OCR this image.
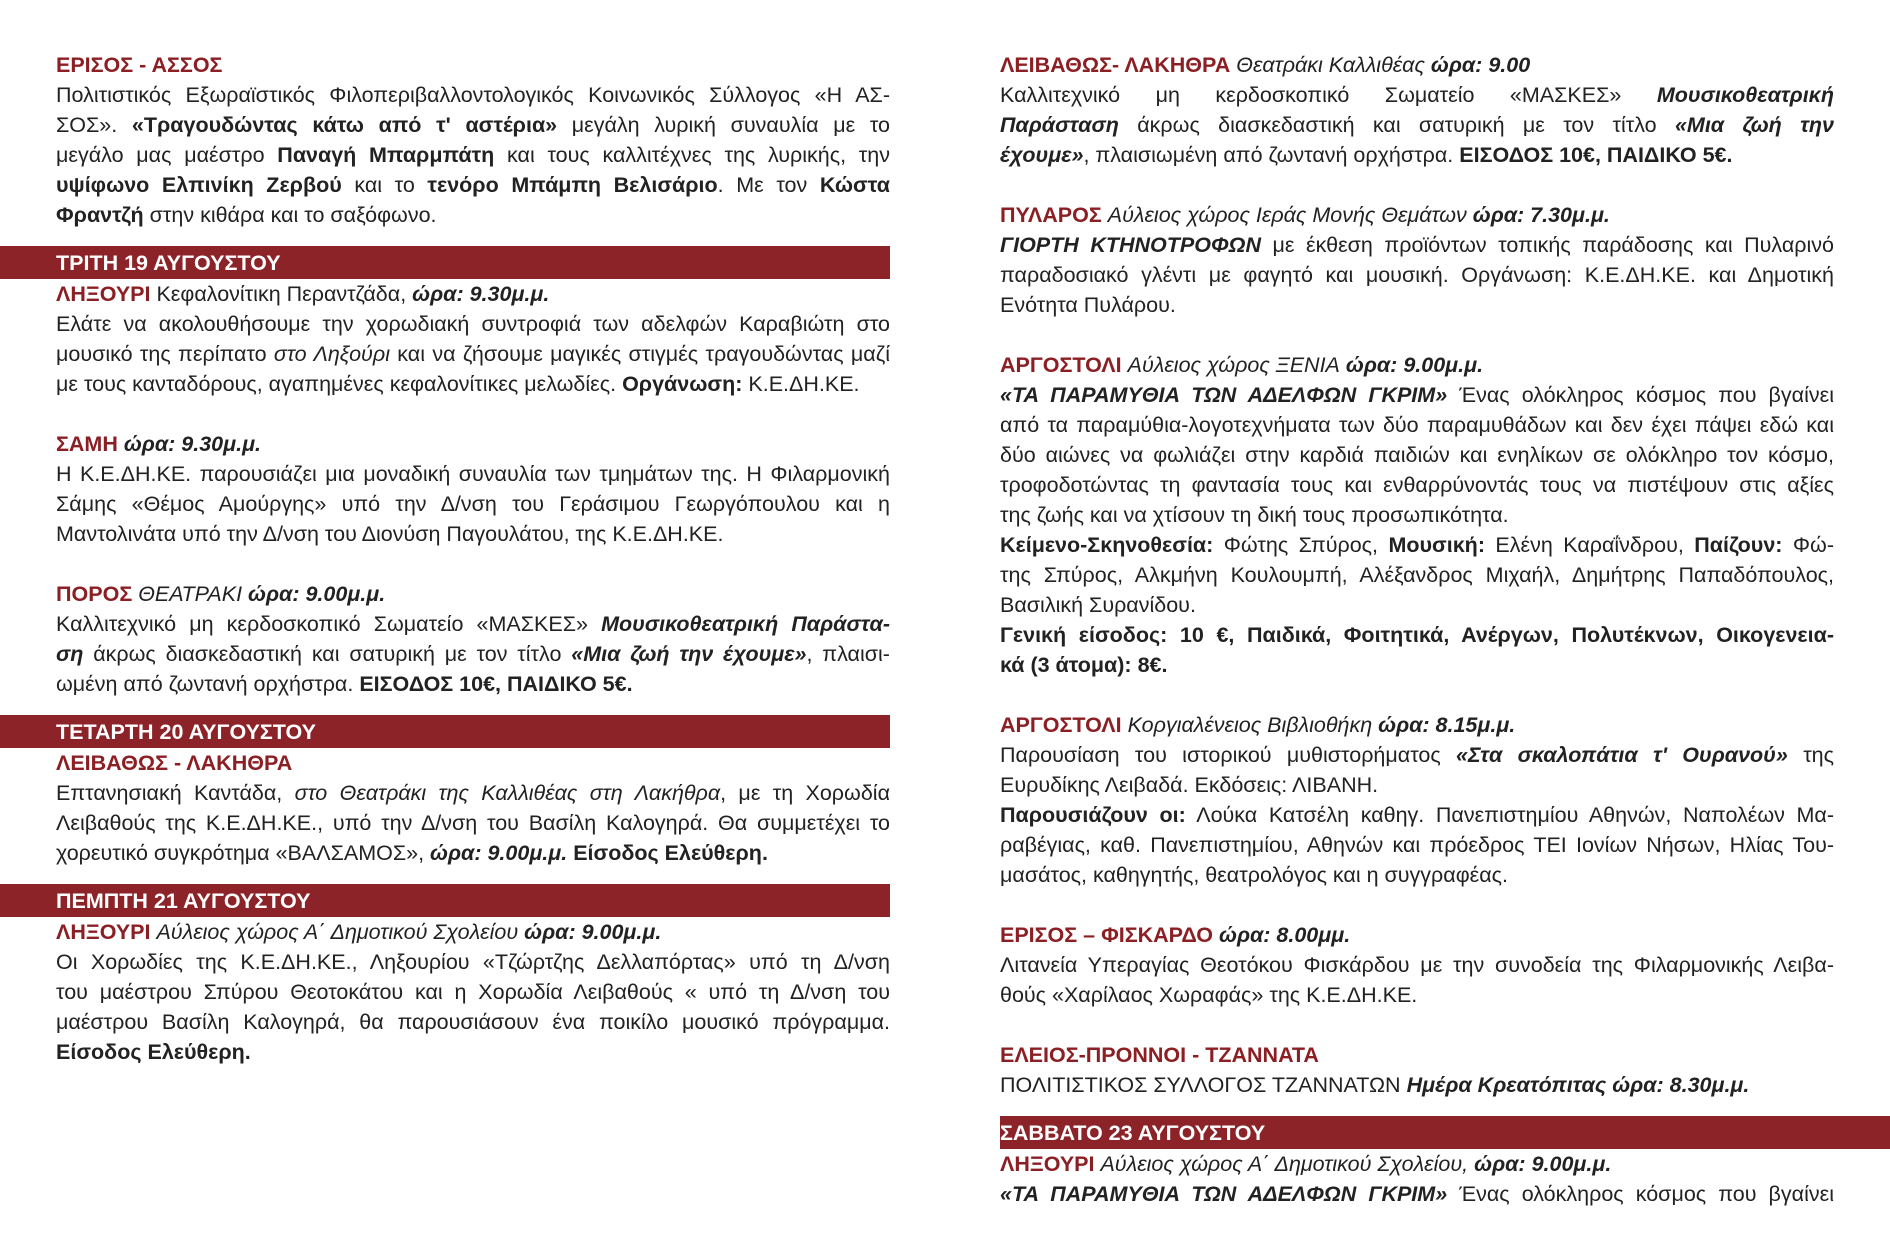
ΕΡΙΣΟΣ - ΑΣΣΟΣ

Πολιτιστικός Εξωραϊστικός Φιλοπεριβαλλοντολογικός Κοινωνικός Σύλλογος «Η ΑΣ-

ΣΟΣ». «Τραγουδώντας κάτω από τ' αστέρια» μεγάλη λυρική συναυλία με το

μεγάλο μας μαέστρο Παναγή Μπαρμπάτη και τους καλλιτέχνες της λυρικής, την

υψίφωνο Ελπινίκη Ζερβού και το τενόρο Μπάμπη Βελισάριο. Με τον Κώστα

Φραντζή στην κιθάρα και το σαξόφωνο.

ΤΡΙΤΗ 19 ΑΥΓΟΥΣΤΟΥ

ΛΗΞΟΥΡΙ Κεφαλονίτικη Περαντζάδα, ώρα: 9.30μ.μ.

Ελάτε να ακολουθήσουμε την χορωδιακή συντροφιά των αδελφών Καραβιώτη στο

μουσικό της περίπατο στο Ληξούρι και να ζήσουμε μαγικές στιγμές τραγουδώντας μαζί

με τους κανταδόρους, αγαπημένες κεφαλονίτικες μελωδίες. Οργάνωση: Κ.Ε.ΔΗ.ΚΕ.

ΣΑΜΗ ώρα: 9.30μ.μ.

Η Κ.Ε.ΔΗ.ΚΕ. παρουσιάζει μια μοναδική συναυλία των τμημάτων της. Η Φιλαρμονική

Σάμης «Θέμος Αμούργης» υπό την Δ/νση του Γεράσιμου Γεωργόπουλου και η

Μαντολινάτα υπό την Δ/νση του Διονύση Παγουλάτου, της Κ.Ε.ΔΗ.ΚΕ.

ΠΟΡΟΣ ΘΕΑΤΡΑΚΙ ώρα: 9.00μ.μ.

Καλλιτεχνικό μη κερδοσκοπικό Σωματείο «ΜΑΣΚΕΣ» Μουσικοθεατρική Παράστα-

ση άκρως διασκεδαστική και σατυρική με τον τίτλο «Μια ζωή την έχουμε», πλαισι-

ωμένη από ζωντανή ορχήστρα. ΕΙΣΟΔΟΣ 10€, ΠΑΙΔΙΚΟ 5€.

ΤΕΤΑΡΤΗ 20 ΑΥΓΟΥΣΤΟΥ

ΛΕΙΒΑΘΩΣ - ΛΑΚΗΘΡΑ

Επτανησιακή Καντάδα, στο Θεατράκι της Καλλιθέας στη Λακήθρα, με τη Χορωδία

Λειβαθούς της Κ.Ε.ΔΗ.ΚΕ., υπό την Δ/νση του Βασίλη Καλογηρά. Θα συμμετέχει το

χορευτικό συγκρότημα «ΒΑΛΣΑΜΟΣ», ώρα: 9.00μ.μ. Είσοδος Ελεύθερη.

ΠΕΜΠΤΗ 21 ΑΥΓΟΥΣΤΟΥ

ΛΗΞΟΥΡΙ Αύλειος χώρος Α΄ Δημοτικού Σχολείου ώρα: 9.00μ.μ.

Οι Χορωδίες της Κ.Ε.ΔΗ.ΚΕ., Ληξουρίου «Τζώρτζης Δελλαπόρτας» υπό τη Δ/νση

του μαέστρου Σπύρου Θεοτοκάτου και η Χορωδία Λειβαθούς « υπό τη Δ/νση του

μαέστρου Βασίλη Καλογηρά, θα παρουσιάσουν ένα ποικίλο μουσικό πρόγραμμα.

Είσοδος Ελεύθερη.

ΛΕΙΒΑΘΩΣ- ΛΑΚΗΘΡΑ Θεατράκι Καλλιθέας ώρα: 9.00

Καλλιτεχνικό μη κερδοσκοπικό Σωματείο «ΜΑΣΚΕΣ» Μουσικοθεατρική

Παράσταση άκρως διασκεδαστική και σατυρική με τον τίτλο «Μια ζωή την

έχουμε», πλαισιωμένη από ζωντανή ορχήστρα. ΕΙΣΟΔΟΣ 10€, ΠΑΙΔΙΚΟ 5€.

ΠΥΛΑΡΟΣ Αύλειος χώρος Ιεράς Μονής Θεμάτων ώρα: 7.30μ.μ.

ΓΙΟΡΤΗ ΚΤΗΝΟΤΡΟΦΩΝ με έκθεση προϊόντων τοπικής παράδοσης και Πυλαρινό

παραδοσιακό γλέντι με φαγητό και μουσική. Οργάνωση: Κ.Ε.ΔΗ.ΚΕ. και Δημοτική

Ενότητα Πυλάρου.

ΑΡΓΟΣΤΟΛΙ Αύλειος χώρος ΞΕΝΙΑ ώρα: 9.00μ.μ.

«ΤΑ ΠΑΡΑΜΥΘΙΑ ΤΩΝ ΑΔΕΛΦΩΝ ΓΚΡΙΜ» Ένας ολόκληρος κόσμος που βγαίνει

από τα παραμύθια-λογοτεχνήματα των δύο παραμυθάδων και δεν έχει πάψει εδώ και

δύο αιώνες να φωλιάζει στην καρδιά παιδιών και ενηλίκων σε ολόκληρο τον κόσμο,

τροφοδοτώντας τη φαντασία τους και ενθαρρύνοντάς τους να πιστέψουν στις αξίες

της ζωής και να χτίσουν τη δική τους προσωπικότητα.

Κείμενο-Σκηνοθεσία: Φώτης Σπύρος, Μουσική: Ελένη Καραΐνδρου, Παίζουν: Φώ-

της Σπύρος, Αλκμήνη Κουλουμπή, Αλέξανδρος Μιχαήλ, Δημήτρης Παπαδόπουλος,

Βασιλική Συρανίδου.

Γενική είσοδος: 10 €, Παιδικά, Φοιτητικά, Ανέργων, Πολυτέκνων, Οικογενεια-

κά (3 άτομα): 8€.

ΑΡΓΟΣΤΟΛΙ Κοργιαλένειος Βιβλιοθήκη ώρα: 8.15μ.μ.

Παρουσίαση του ιστορικού μυθιστορήματος «Στα σκαλοπάτια τ' Ουρανού» της

Ευρυδίκης Λειβαδά. Εκδόσεις: ΛΙΒΑΝΗ.

Παρουσιάζουν οι: Λούκα Κατσέλη καθηγ. Πανεπιστημίου Αθηνών, Ναπολέων Μα-

ραβέγιας, καθ. Πανεπιστημίου, Αθηνών και πρόεδρος ΤΕΙ Ιονίων Νήσων, Ηλίας Του-

μασάτος, καθηγητής, θεατρολόγος και η συγγραφέας.

ΕΡΙΣΟΣ – ΦΙΣΚΑΡΔΟ ώρα: 8.00μμ.

Λιτανεία Υπεραγίας Θεοτόκου Φισκάρδου με την συνοδεία της Φιλαρμονικής Λειβα-

θούς «Χαρίλαος Χωραφάς» της Κ.Ε.ΔΗ.ΚΕ.

ΕΛΕΙΟΣ-ΠΡΟΝΝΟΙ - ΤΖΑΝΝΑΤΑ

ΠΟΛΙΤΙΣΤΙΚΟΣ ΣΥΛΛΟΓΟΣ ΤΖΑΝΝΑΤΩΝ Ημέρα Κρεατόπιτας ώρα: 8.30μ.μ.

ΣΑΒΒΑΤΟ 23 ΑΥΓΟΥΣΤΟΥ

ΛΗΞΟΥΡΙ Αύλειος χώρος Α΄ Δημοτικού Σχολείου, ώρα: 9.00μ.μ.

«ΤΑ ΠΑΡΑΜΥΘΙΑ ΤΩΝ ΑΔΕΛΦΩΝ ΓΚΡΙΜ» Ένας ολόκληρος κόσμος που βγαίνει
